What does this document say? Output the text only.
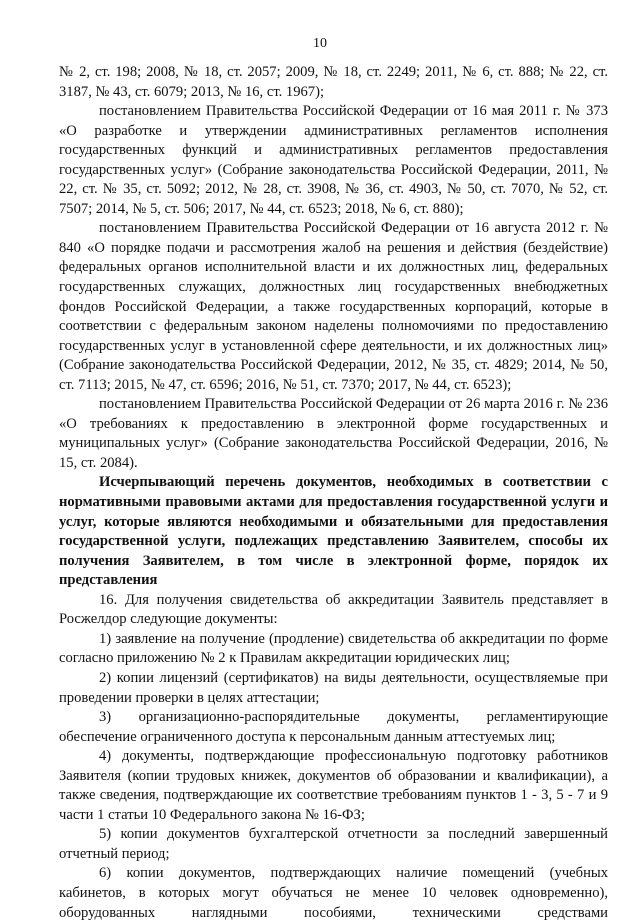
10

№ 2, ст. 198; 2008, № 18, ст. 2057; 2009, № 18, ст. 2249; 2011, № 6, ст. 888; № 22, ст. 3187, № 43, ст. 6079; 2013, № 16, ст. 1967);

постановлением Правительства Российской Федерации от 16 мая 2011 г. № 373 «О разработке и утверждении административных регламентов исполнения государственных функций и административных регламентов предоставления государственных услуг» (Собрание законодательства Российской Федерации, 2011, № 22, ст. № 35, ст. 5092; 2012, № 28, ст. 3908, № 36, ст. 4903, № 50, ст. 7070, № 52, ст. 7507; 2014, № 5, ст. 506; 2017, № 44, ст. 6523; 2018, № 6, ст. 880);

постановлением Правительства Российской Федерации от 16 августа 2012 г. № 840 «О порядке подачи и рассмотрения жалоб на решения и действия (бездействие) федеральных органов исполнительной власти и их должностных лиц, федеральных государственных служащих, должностных лиц государственных внебюджетных фондов Российской Федерации, а также государственных корпораций, которые в соответствии с федеральным законом наделены полномочиями по предоставлению государственных услуг в установленной сфере деятельности, и их должностных лиц» (Собрание законодательства Российской Федерации, 2012, № 35, ст. 4829; 2014, № 50, ст. 7113; 2015, № 47, ст. 6596; 2016, № 51, ст. 7370; 2017, № 44, ст. 6523);

постановлением Правительства Российской Федерации от 26 марта 2016 г. № 236 «О требованиях к предоставлению в электронной форме государственных и муниципальных услуг» (Собрание законодательства Российской Федерации, 2016, № 15, ст. 2084).

Исчерпывающий перечень документов, необходимых в соответствии с нормативными правовыми актами для предоставления государственной услуги и услуг, которые являются необходимыми и обязательными для предоставления государственной услуги, подлежащих представлению Заявителем, способы их получения Заявителем, в том числе в электронной форме, порядок их представления

16. Для получения свидетельства об аккредитации Заявитель представляет в Росжелдор следующие документы:

1) заявление на получение (продление) свидетельства об аккредитации по форме согласно приложению № 2 к Правилам аккредитации юридических лиц;

2) копии лицензий (сертификатов) на виды деятельности, осуществляемые при проведении проверки в целях аттестации;

3) организационно-распорядительные документы, регламентирующие обеспечение ограниченного доступа к персональным данным аттестуемых лиц;

4) документы, подтверждающие профессиональную подготовку работников Заявителя (копии трудовых книжек, документов об образовании и квалификации), а также сведения, подтверждающие их соответствие требованиям пунктов 1 - 3, 5 - 7 и 9 части 1 статьи 10 Федерального закона № 16-ФЗ;

5) копии документов бухгалтерской отчетности за последний завершенный отчетный период;

6) копии документов, подтверждающих наличие помещений (учебных кабинетов, в которых могут обучаться не менее 10 человек одновременно), оборудованных наглядными пособиями, техническими средствами
